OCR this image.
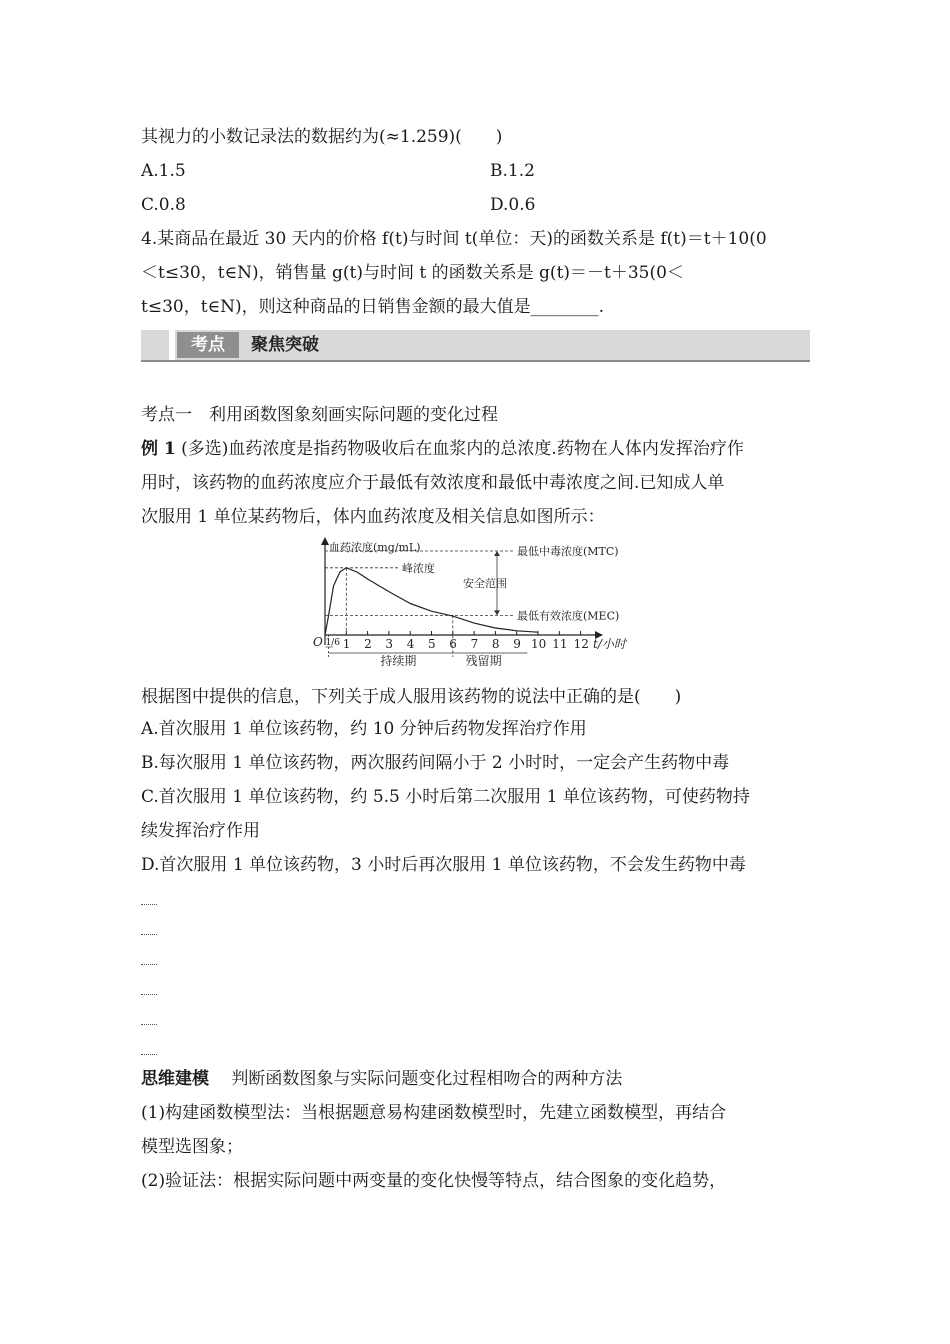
其视力的小数记录法的数据约为(≈1.259)(　　)
A.1.5	B.1.2
C.0.8	D.0.6
4.某商品在最近 30 天内的价格 f(t)与时间 t(单位：天)的函数关系是 f(t)＝t＋10(0
＜t≤30，t∈N)，销售量 g(t)与时间 t 的函数关系是 g(t)＝－t＋35(0＜
t≤30，t∈N)，则这种商品的日销售金额的最大值是________.
考点	聚焦突破
考点一　利用函数图象刻画实际问题的变化过程
例 1 (多选)血药浓度是指药物吸收后在血浆内的总浓度.药物在人体内发挥治疗作
用时，该药物的血药浓度应介于最低有效浓度和最低中毒浓度之间.已知成人单
次服用 1 单位某药物后，体内血药浓度及相关信息如图所示：
血药浓度(mg/mL)
t/小时
O 1 2 3 4 5 6 7 8 9 10 11 12
1/6
最低中毒浓度(MTC)
峰浓度
最低有效浓度(MEC)
安全范围
持续期	残留期
根据图中提供的信息，下列关于成人服用该药物的说法中正确的是(　　)
A.首次服用 1 单位该药物，约 10 分钟后药物发挥治疗作用
B.每次服用 1 单位该药物，两次服药间隔小于 2 小时时，一定会产生药物中毒
C.首次服用 1 单位该药物，约 5.5 小时后第二次服用 1 单位该药物，可使药物持
续发挥治疗作用
D.首次服用 1 单位该药物，3 小时后再次服用 1 单位该药物，不会发生药物中毒
思维建模　 判断函数图象与实际问题变化过程相吻合的两种方法
(1)构建函数模型法：当根据题意易构建函数模型时，先建立函数模型，再结合
模型选图象；
(2)验证法：根据实际问题中两变量的变化快慢等特点，结合图象的变化趋势，
